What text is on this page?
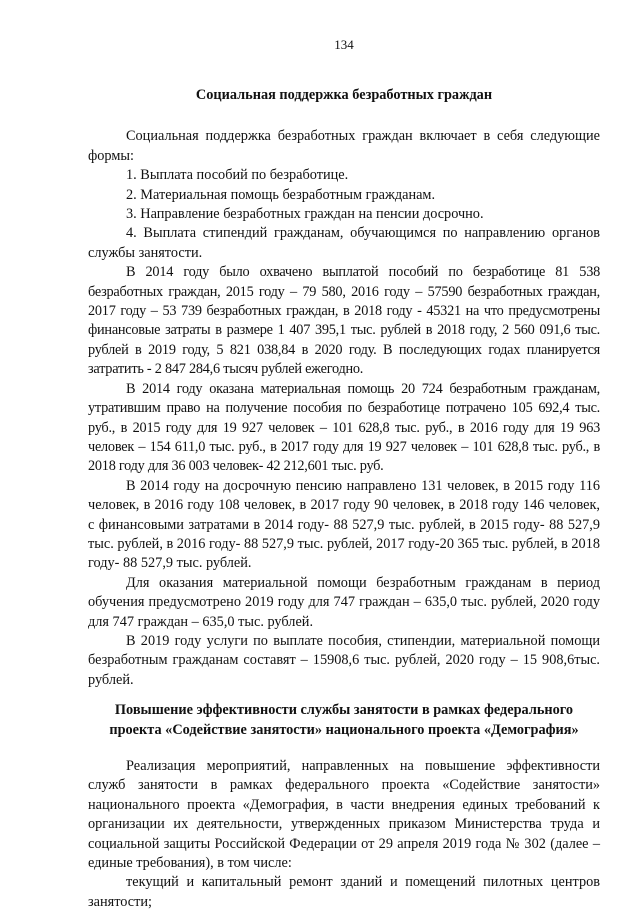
134
Социальная поддержка безработных граждан

Социальная поддержка безработных граждан включает в себя следующие формы:

1. Выплата пособий по безработице.

2. Материальная помощь безработным гражданам.

3. Направление безработных граждан на пенсии досрочно.

4. Выплата стипендий гражданам, обучающимся по направлению органов службы занятости.

В 2014 году было охвачено выплатой пособий по безработице 81 538 безработных граждан, 2015 году – 79 580, 2016 году – 57590 безработных граждан, 2017 году – 53 739 безработных граждан, в 2018 году - 45321 на что предусмотрены финансовые затраты в размере 1 407 395,1 тыс. рублей в 2018 году, 2 560 091,6 тыс. рублей в 2019 году, 5 821 038,84 в 2020 году. В последующих годах планируется затратить - 2 847 284,6 тысяч рублей ежегодно.

В 2014 году оказана материальная помощь 20 724 безработным гражданам, утратившим право на получение пособия по безработице потрачено 105 692,4 тыс. руб., в 2015 году для 19 927 человек – 101 628,8 тыс. руб., в 2016 году для 19 963 человек – 154 611,0 тыс. руб., в 2017 году для 19 927 человек – 101 628,8 тыс. руб., в 2018 году для 36 003 человек- 42 212,601 тыс. руб.

В 2014 году на досрочную пенсию направлено 131 человек, в 2015 году 116 человек, в 2016 году 108 человек, в 2017 году 90 человек, в 2018 году 146 человек, с финансовыми затратами в 2014 году- 88 527,9 тыс. рублей, в 2015 году- 88 527,9 тыс. рублей, в 2016 году- 88 527,9 тыс. рублей, 2017 году-20 365 тыс. рублей, в 2018 году- 88 527,9 тыс. рублей.

Для оказания материальной помощи безработным гражданам в период обучения предусмотрено 2019 году для 747 граждан – 635,0 тыс. рублей, 2020 году для 747 граждан – 635,0 тыс. рублей.

В 2019 году услуги по выплате пособия, стипендии, материальной помощи безработным гражданам составят – 15908,6 тыс. рублей, 2020 году – 15 908,6тыс. рублей.

Повышение эффективности службы занятости в рамках федерального
проекта «Содействие занятости» национального проекта «Демография»

Реализация мероприятий, направленных на повышение эффективности служб занятости в рамках федерального проекта «Содействие занятости» национального проекта «Демография, в части внедрения единых требований к организации их деятельности, утвержденных приказом Министерства труда и социальной защиты Российской Федерации от 29 апреля 2019 года № 302 (далее – единые требования), в том числе:

текущий и капитальный ремонт зданий и помещений пилотных центров занятости;
